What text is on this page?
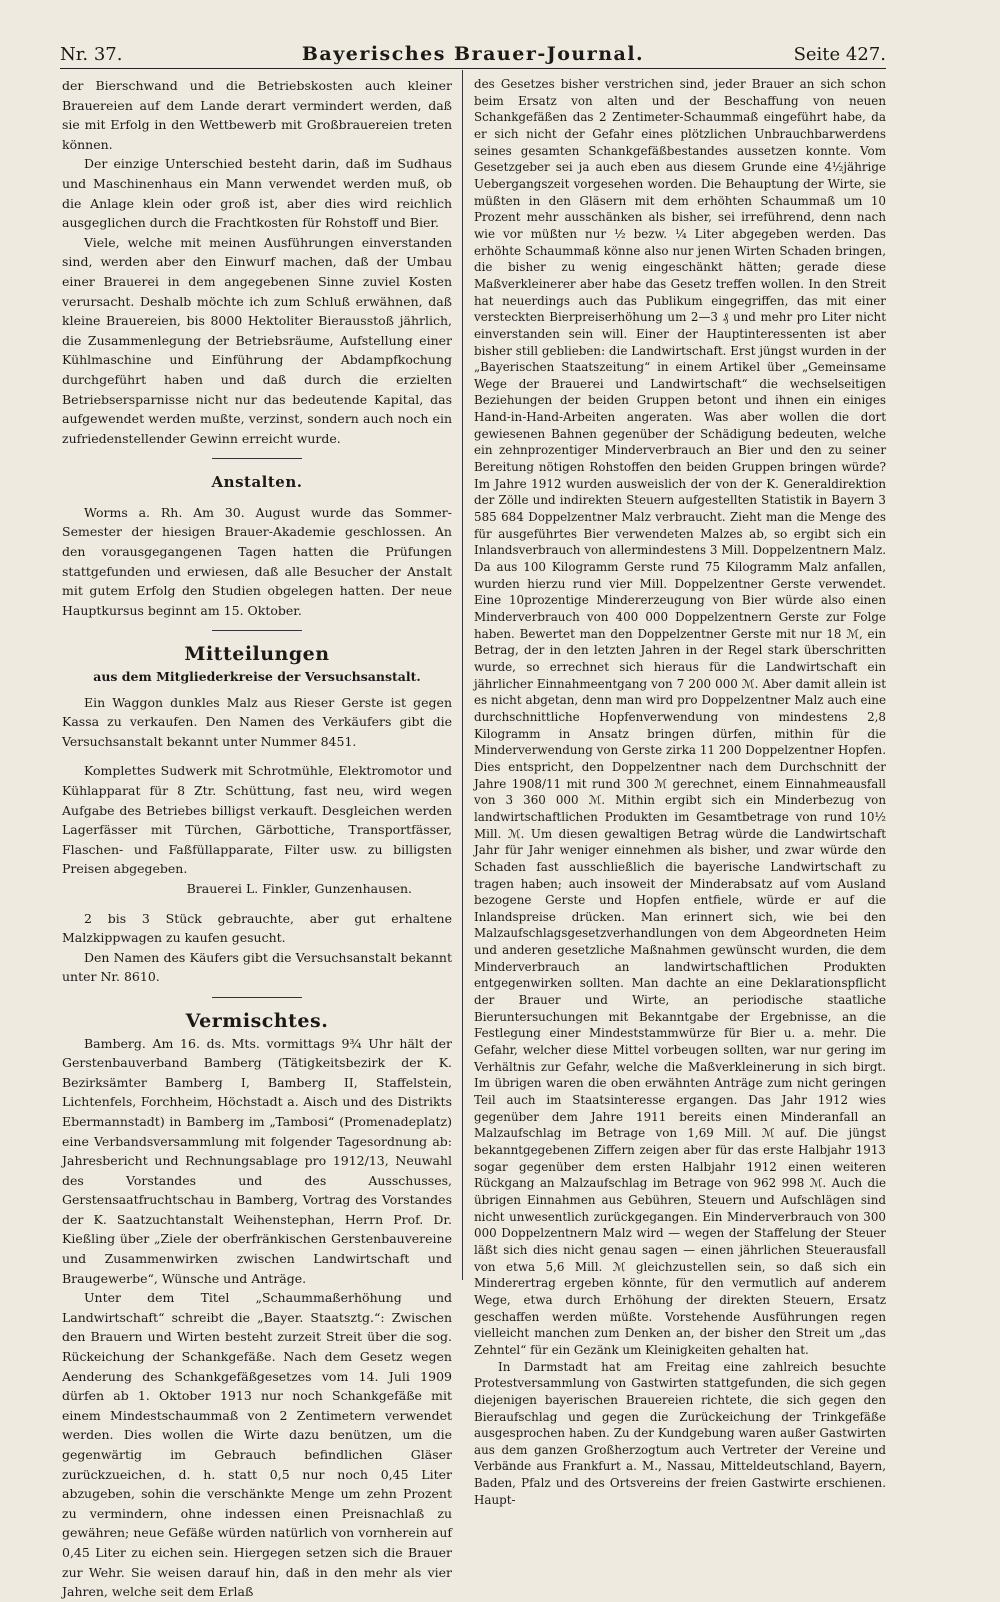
Nr. 37.	Bayerisches Brauer-Journal.	Seite 427.

der Bierschwand und die Betriebskosten auch kleiner Brauereien auf dem Lande derart vermindert werden, daß sie mit Erfolg in den Wettbewerb mit Großbrauereien treten können.

Der einzige Unterschied besteht darin, daß im Sudhaus und Maschinenhaus ein Mann verwendet werden muß, ob die Anlage klein oder groß ist, aber dies wird reichlich ausgeglichen durch die Frachtkosten für Rohstoff und Bier.

Viele, welche mit meinen Ausführungen einverstanden sind, werden aber den Einwurf machen, daß der Umbau einer Brauerei in dem angegebenen Sinne zuviel Kosten verursacht. Deshalb möchte ich zum Schluß erwähnen, daß kleine Brauereien, bis 8000 Hektoliter Bierausstoß jährlich, die Zusammenlegung der Betriebsräume, Aufstellung einer Kühlmaschine und Einführung der Abdampfkochung durchgeführt haben und daß durch die erzielten Betriebsersparnisse nicht nur das bedeutende Kapital, das aufgewendet werden mußte, verzinst, sondern auch noch ein zufriedenstellender Gewinn erreicht wurde.

Anstalten.

Worms a. Rh. Am 30. August wurde das Sommer-Semester der hiesigen Brauer-Akademie geschlossen. An den vorausgegangenen Tagen hatten die Prüfungen stattgefunden und erwiesen, daß alle Besucher der Anstalt mit gutem Erfolg den Studien obgelegen hatten. Der neue Hauptkursus beginnt am 15. Oktober.

Mitteilungen
aus dem Mitgliederkreise der Versuchsanstalt.

Ein Waggon dunkles Malz aus Rieser Gerste ist gegen Kassa zu verkaufen. Den Namen des Verkäufers gibt die Versuchsanstalt bekannt unter Nummer 8451.

Komplettes Sudwerk mit Schrotmühle, Elektromotor und Kühlapparat für 8 Ztr. Schüttung, fast neu, wird wegen Aufgabe des Betriebes billigst verkauft. Desgleichen werden Lagerfässer mit Türchen, Gärbottiche, Transportfässer, Flaschen- und Faßfüllapparate, Filter usw. zu billigsten Preisen abgegeben.

Brauerei L. Finkler, Gunzenhausen.

2 bis 3 Stück gebrauchte, aber gut erhaltene Malzkippwagen zu kaufen gesucht.

Den Namen des Käufers gibt die Versuchsanstalt bekannt unter Nr. 8610.

Vermischtes.

Bamberg. Am 16. ds. Mts. vormittags 9¾ Uhr hält der Gerstenbauverband Bamberg (Tätigkeitsbezirk der K. Bezirksämter Bamberg I, Bamberg II, Staffelstein, Lichtenfels, Forchheim, Höchstadt a. Aisch und des Distrikts Ebermannstadt) in Bamberg im „Tambosi“ (Promenadeplatz) eine Verbandsversammlung mit folgender Tagesordnung ab: Jahresbericht und Rechnungsablage pro 1912/13, Neuwahl des Vorstandes und des Ausschusses, Gerstensaatfruchtschau in Bamberg, Vortrag des Vorstandes der K. Saatzuchtanstalt Weihenstephan, Herrn Prof. Dr. Kießling über „Ziele der oberfränkischen Gerstenbauvereine und Zusammenwirken zwischen Landwirtschaft und Braugewerbe“, Wünsche und Anträge.

Unter dem Titel „Schaummaßerhöhung und Landwirtschaft“ schreibt die „Bayer. Staatsztg.“: Zwischen den Brauern und Wirten besteht zurzeit Streit über die sog. Rückeichung der Schankgefäße. Nach dem Gesetz wegen Aenderung des Schankgefäßgesetzes vom 14. Juli 1909 dürfen ab 1. Oktober 1913 nur noch Schankgefäße mit einem Mindestschaummaß von 2 Zentimetern verwendet werden. Dies wollen die Wirte dazu benützen, um die gegenwärtig im Gebrauch befindlichen Gläser zurückzueichen, d. h. statt 0,5 nur noch 0,45 Liter abzugeben, sohin die verschänkte Menge um zehn Prozent zu vermindern, ohne indessen einen Preisnachlaß zu gewähren; neue Gefäße würden natürlich von vornherein auf 0,45 Liter zu eichen sein. Hiergegen setzen sich die Brauer zur Wehr. Sie weisen darauf hin, daß in den mehr als vier Jahren, welche seit dem Erlaß

des Gesetzes bisher verstrichen sind, jeder Brauer an sich schon beim Ersatz von alten und der Beschaffung von neuen Schankgefäßen das 2 Zentimeter-Schaummaß eingeführt habe, da er sich nicht der Gefahr eines plötzlichen Unbrauchbarwerdens seines gesamten Schankgefäßbestandes aussetzen konnte. Vom Gesetzgeber sei ja auch eben aus diesem Grunde eine 4½jährige Uebergangszeit vorgesehen worden. Die Behauptung der Wirte, sie müßten in den Gläsern mit dem erhöhten Schaummaß um 10 Prozent mehr ausschänken als bisher, sei irreführend, denn nach wie vor müßten nur ½ bezw. ¼ Liter abgegeben werden. Das erhöhte Schaummaß könne also nur jenen Wirten Schaden bringen, die bisher zu wenig eingeschänkt hätten; gerade diese Maßverkleinerer aber habe das Gesetz treffen wollen. In den Streit hat neuerdings auch das Publikum eingegriffen, das mit einer versteckten Bierpreiserhöhung um 2—3 ₰ und mehr pro Liter nicht einverstanden sein will. Einer der Hauptinteressenten ist aber bisher still geblieben: die Landwirtschaft. Erst jüngst wurden in der „Bayerischen Staatszeitung“ in einem Artikel über „Gemeinsame Wege der Brauerei und Landwirtschaft“ die wechselseitigen Beziehungen der beiden Gruppen betont und ihnen ein einiges Hand-in-Hand-Arbeiten angeraten. Was aber wollen die dort gewiesenen Bahnen gegenüber der Schädigung bedeuten, welche ein zehnprozentiger Minderverbrauch an Bier und den zu seiner Bereitung nötigen Rohstoffen den beiden Gruppen bringen würde? Im Jahre 1912 wurden ausweislich der von der K. Generaldirektion der Zölle und indirekten Steuern aufgestellten Statistik in Bayern 3 585 684 Doppelzentner Malz verbraucht. Zieht man die Menge des für ausgeführtes Bier verwendeten Malzes ab, so ergibt sich ein Inlandsverbrauch von allermindestens 3 Mill. Doppelzentnern Malz. Da aus 100 Kilogramm Gerste rund 75 Kilogramm Malz anfallen, wurden hierzu rund vier Mill. Doppelzentner Gerste verwendet. Eine 10prozentige Mindererzeugung von Bier würde also einen Minderverbrauch von 400 000 Doppelzentnern Gerste zur Folge haben. Bewertet man den Doppelzentner Gerste mit nur 18 ℳ, ein Betrag, der in den letzten Jahren in der Regel stark überschritten wurde, so errechnet sich hieraus für die Landwirtschaft ein jährlicher Einnahmeentgang von 7 200 000 ℳ. Aber damit allein ist es nicht abgetan, denn man wird pro Doppelzentner Malz auch eine durchschnittliche Hopfenverwendung von mindestens 2,8 Kilogramm in Ansatz bringen dürfen, mithin für die Minderverwendung von Gerste zirka 11 200 Doppelzentner Hopfen. Dies entspricht, den Doppelzentner nach dem Durchschnitt der Jahre 1908/11 mit rund 300 ℳ gerechnet, einem Einnahmeausfall von 3 360 000 ℳ. Mithin ergibt sich ein Minderbezug von landwirtschaftlichen Produkten im Gesamtbetrage von rund 10½ Mill. ℳ. Um diesen gewaltigen Betrag würde die Landwirtschaft Jahr für Jahr weniger einnehmen als bisher, und zwar würde den Schaden fast ausschließlich die bayerische Landwirtschaft zu tragen haben; auch insoweit der Minderabsatz auf vom Ausland bezogene Gerste und Hopfen entfiele, würde er auf die Inlandspreise drücken. Man erinnert sich, wie bei den Malzaufschlagsgesetzverhandlungen von dem Abgeordneten Heim und anderen gesetzliche Maßnahmen gewünscht wurden, die dem Minderverbrauch an landwirtschaftlichen Produkten entgegenwirken sollten. Man dachte an eine Deklarationspflicht der Brauer und Wirte, an periodische staatliche Bieruntersuchungen mit Bekanntgabe der Ergebnisse, an die Festlegung einer Mindeststammwürze für Bier u. a. mehr. Die Gefahr, welcher diese Mittel vorbeugen sollten, war nur gering im Verhältnis zur Gefahr, welche die Maßverkleinerung in sich birgt. Im übrigen waren die oben erwähnten Anträge zum nicht geringen Teil auch im Staatsinteresse ergangen. Das Jahr 1912 wies gegenüber dem Jahre 1911 bereits einen Minderanfall an Malzaufschlag im Betrage von 1,69 Mill. ℳ auf. Die jüngst bekanntgegebenen Ziffern zeigen aber für das erste Halbjahr 1913 sogar gegenüber dem ersten Halbjahr 1912 einen weiteren Rückgang an Malzaufschlag im Betrage von 962 998 ℳ. Auch die übrigen Einnahmen aus Gebühren, Steuern und Aufschlägen sind nicht unwesentlich zurückgegangen. Ein Minderverbrauch von 300 000 Doppelzentnern Malz wird — wegen der Staffelung der Steuer läßt sich dies nicht genau sagen — einen jährlichen Steuerausfall von etwa 5,6 Mill. ℳ gleichzustellen sein, so daß sich ein Minderertrag ergeben könnte, für den vermutlich auf anderem Wege, etwa durch Erhöhung der direkten Steuern, Ersatz geschaffen werden müßte. Vorstehende Ausführungen regen vielleicht manchen zum Denken an, der bisher den Streit um „das Zehntel“ für ein Gezänk um Kleinigkeiten gehalten hat.

In Darmstadt hat am Freitag eine zahlreich besuchte Protestversammlung von Gastwirten stattgefunden, die sich gegen diejenigen bayerischen Brauereien richtete, die sich gegen den Bieraufschlag und gegen die Zurückeichung der Trinkgefäße ausgesprochen haben. Zu der Kundgebung waren außer Gastwirten aus dem ganzen Großherzogtum auch Vertreter der Vereine und Verbände aus Frankfurt a. M., Nassau, Mitteldeutschland, Bayern, Baden, Pfalz und des Ortsvereins der freien Gastwirte erschienen. Haupt-
